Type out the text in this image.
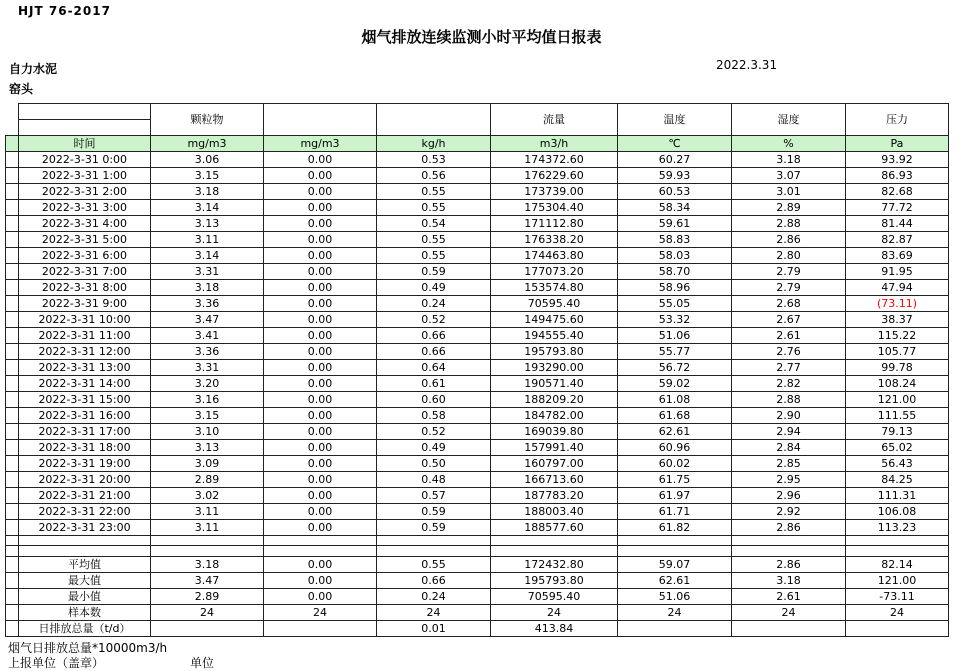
HJT 76-2017
烟气排放连续监测小时平均值日报表
自力水泥
窑头
2022.3.31
		颗粒物			流量	温度	湿度	压力

	时间	mg/m3	mg/m3	kg/h	m3/h	℃	%	Pa
	2022-3-31 0:00	3.06	0.00	0.53	174372.60	60.27	3.18	93.92
	2022-3-31 1:00	3.15	0.00	0.56	176229.60	59.93	3.07	86.93
	2022-3-31 2:00	3.18	0.00	0.55	173739.00	60.53	3.01	82.68
	2022-3-31 3:00	3.14	0.00	0.55	175304.40	58.34	2.89	77.72
	2022-3-31 4:00	3.13	0.00	0.54	171112.80	59.61	2.88	81.44
	2022-3-31 5:00	3.11	0.00	0.55	176338.20	58.83	2.86	82.87
	2022-3-31 6:00	3.14	0.00	0.55	174463.80	58.03	2.80	83.69
	2022-3-31 7:00	3.31	0.00	0.59	177073.20	58.70	2.79	91.95
	2022-3-31 8:00	3.18	0.00	0.49	153574.80	58.96	2.79	47.94
	2022-3-31 9:00	3.36	0.00	0.24	70595.40	55.05	2.68	(73.11)
	2022-3-31 10:00	3.47	0.00	0.52	149475.60	53.32	2.67	38.37
	2022-3-31 11:00	3.41	0.00	0.66	194555.40	51.06	2.61	115.22
	2022-3-31 12:00	3.36	0.00	0.66	195793.80	55.77	2.76	105.77
	2022-3-31 13:00	3.31	0.00	0.64	193290.00	56.72	2.77	99.78
	2022-3-31 14:00	3.20	0.00	0.61	190571.40	59.02	2.82	108.24
	2022-3-31 15:00	3.16	0.00	0.60	188209.20	61.08	2.88	121.00
	2022-3-31 16:00	3.15	0.00	0.58	184782.00	61.68	2.90	111.55
	2022-3-31 17:00	3.10	0.00	0.52	169039.80	62.61	2.94	79.13
	2022-3-31 18:00	3.13	0.00	0.49	157991.40	60.96	2.84	65.02
	2022-3-31 19:00	3.09	0.00	0.50	160797.00	60.02	2.85	56.43
	2022-3-31 20:00	2.89	0.00	0.48	166713.60	61.75	2.95	84.25
	2022-3-31 21:00	3.02	0.00	0.57	187783.20	61.97	2.96	111.31
	2022-3-31 22:00	3.11	0.00	0.59	188003.40	61.71	2.92	106.08
	2022-3-31 23:00	3.11	0.00	0.59	188577.60	61.82	2.86	113.23

	平均值	3.18	0.00	0.55	172432.80	59.07	2.86	82.14
	最大值	3.47	0.00	0.66	195793.80	62.61	3.18	121.00
	最小值	2.89	0.00	0.24	70595.40	51.06	2.61	-73.11
	样本数	24	24	24	24	24	24	24
	日排放总量（t/d）			0.01	413.84			
烟气日排放总量*10000m3/h
上报单位（盖章）	单位
